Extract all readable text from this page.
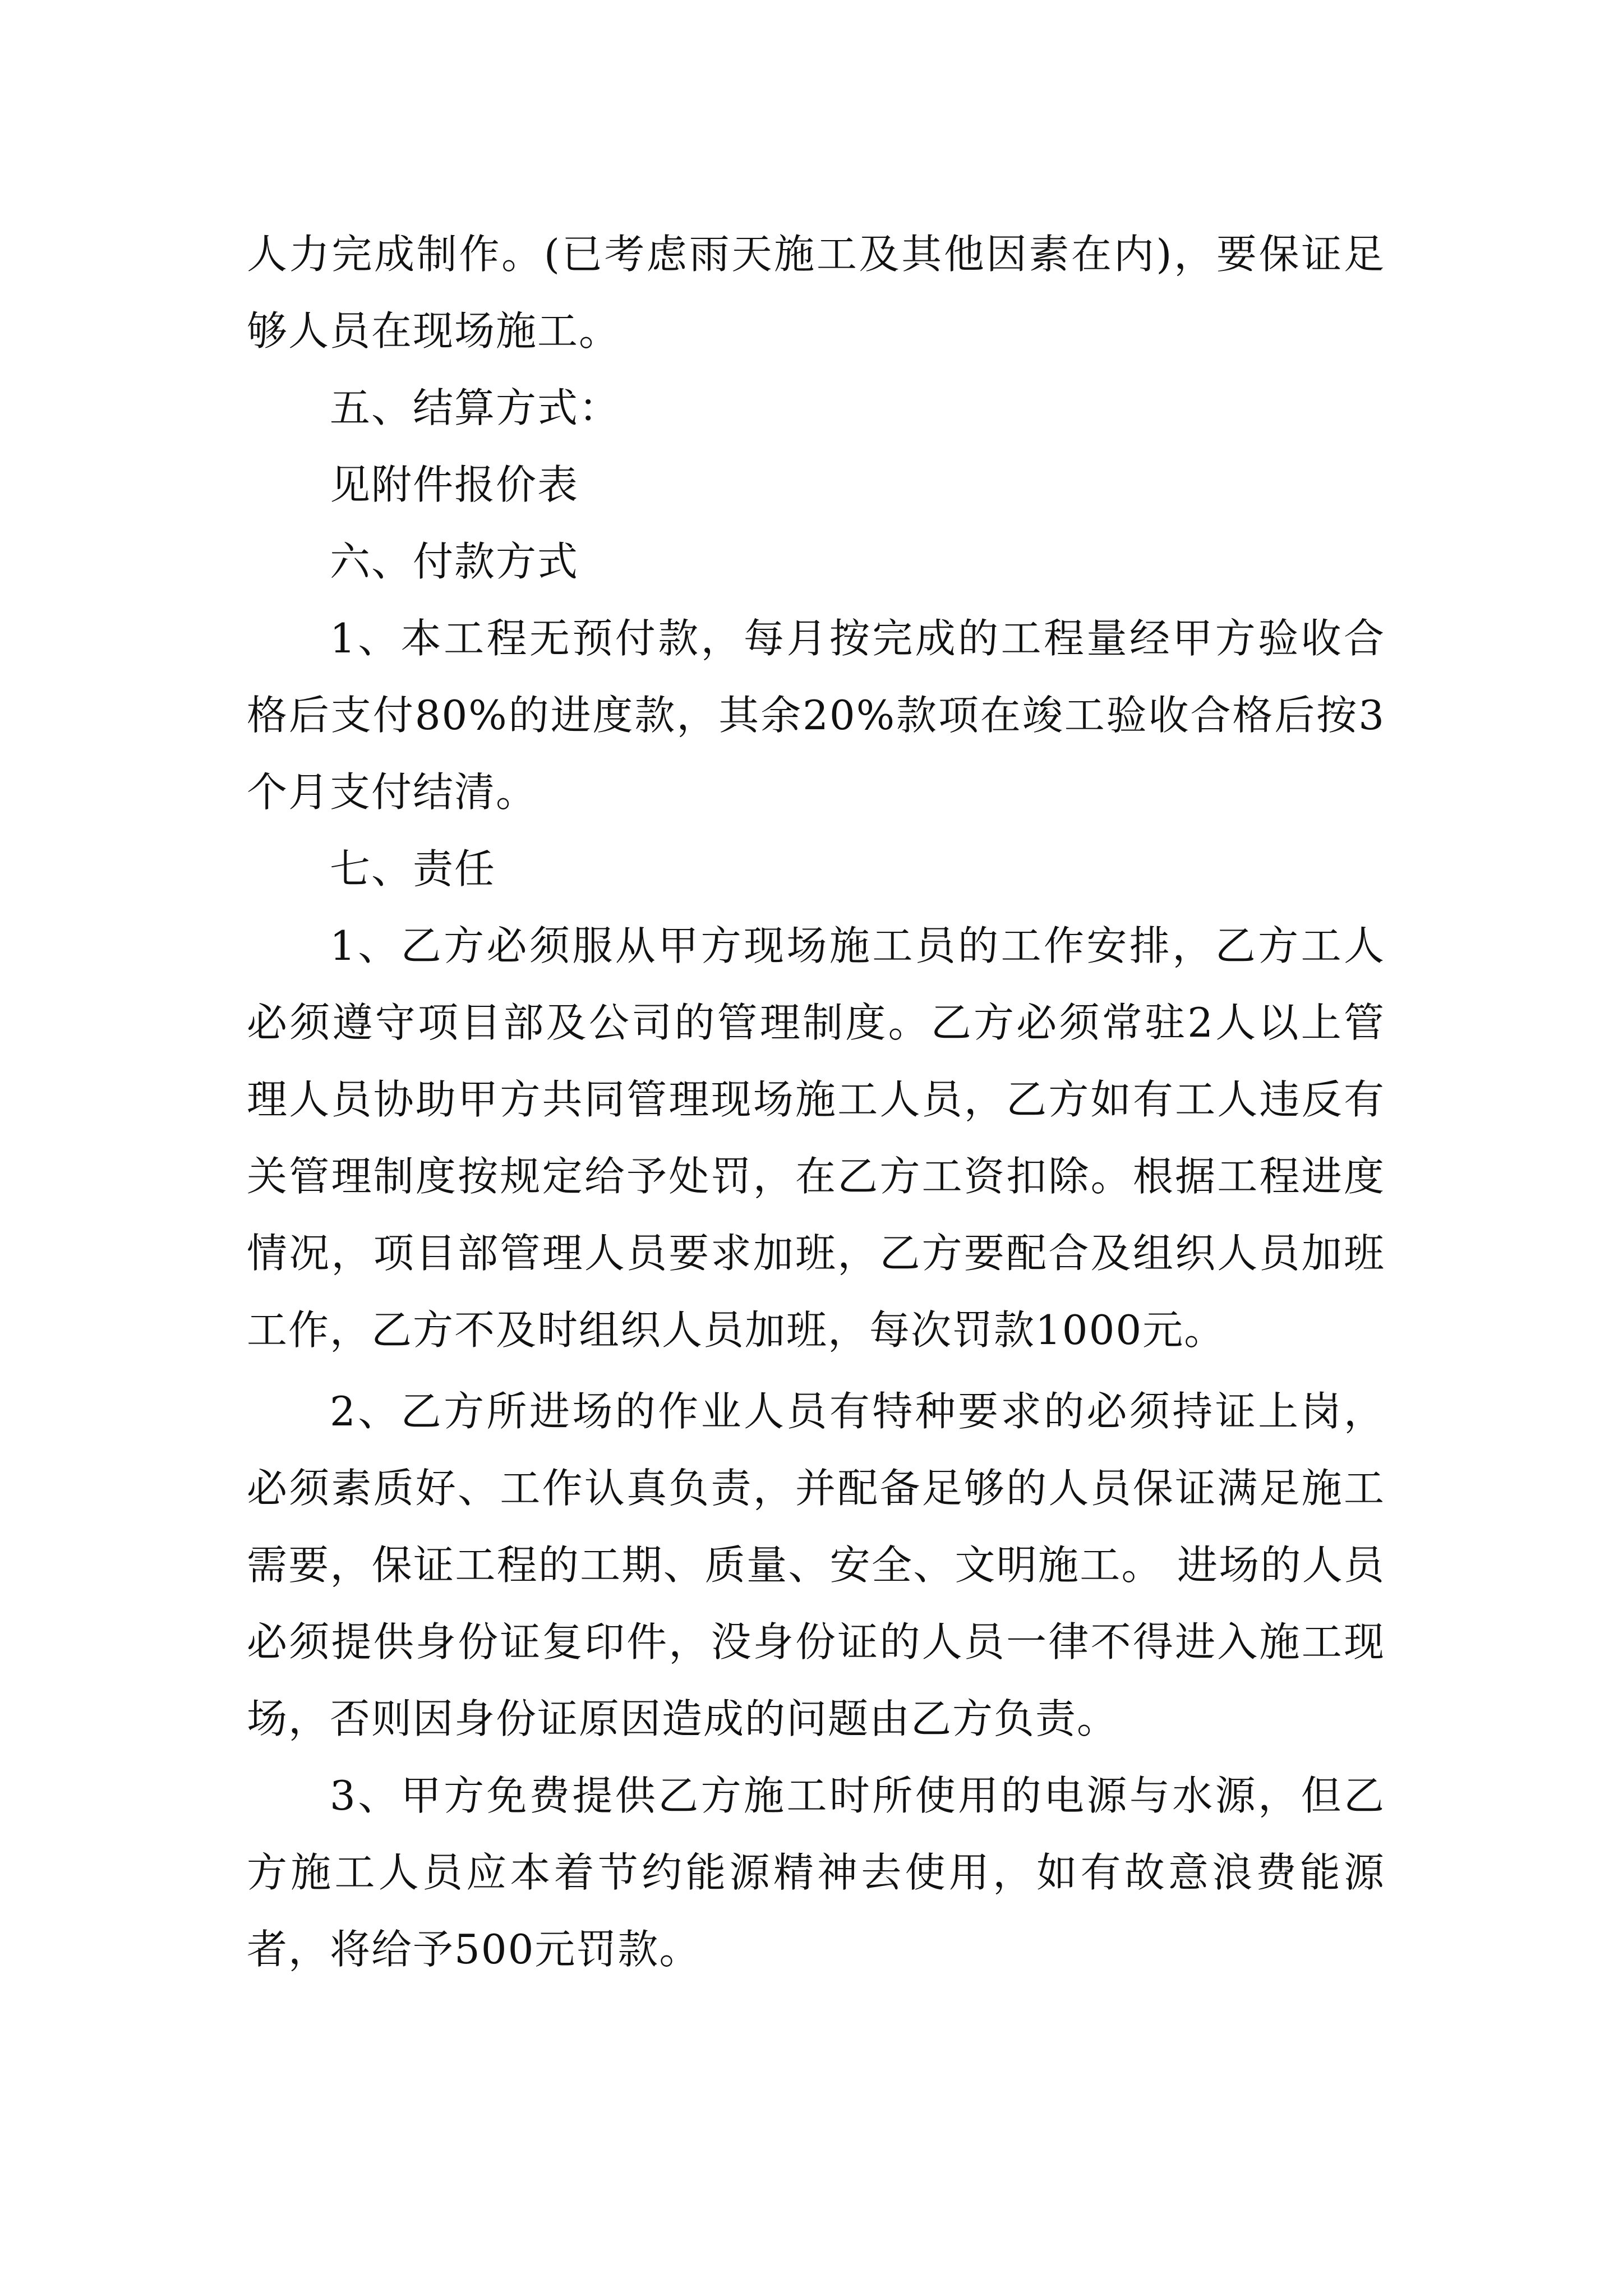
人力完成制作。(已考虑雨天施工及其他因素在内)，要保证足够人员在现场施工。

五、结算方式：

见附件报价表

六、付款方式

1、本工程无预付款，每月按完成的工程量经甲方验收合格后支付80%的进度款，其余20%款项在竣工验收合格后按3个月支付结清。

七、责任

1、乙方必须服从甲方现场施工员的工作安排，乙方工人必须遵守项目部及公司的管理制度。乙方必须常驻2人以上管理人员协助甲方共同管理现场施工人员，乙方如有工人违反有关管理制度按规定给予处罚，在乙方工资扣除。根据工程进度情况，项目部管理人员要求加班，乙方要配合及组织人员加班工作，乙方不及时组织人员加班，每次罚款1000元。

2、乙方所进场的作业人员有特种要求的必须持证上岗，必须素质好、工作认真负责，并配备足够的人员保证满足施工需要，保证工程的工期、质量、安全、文明施工。 进场的人员必须提供身份证复印件，没身份证的人员一律不得进入施工现场，否则因身份证原因造成的问题由乙方负责。

3、甲方免费提供乙方施工时所使用的电源与水源，但乙方施工人员应本着节约能源精神去使用，如有故意浪费能源者，将给予500元罚款。
